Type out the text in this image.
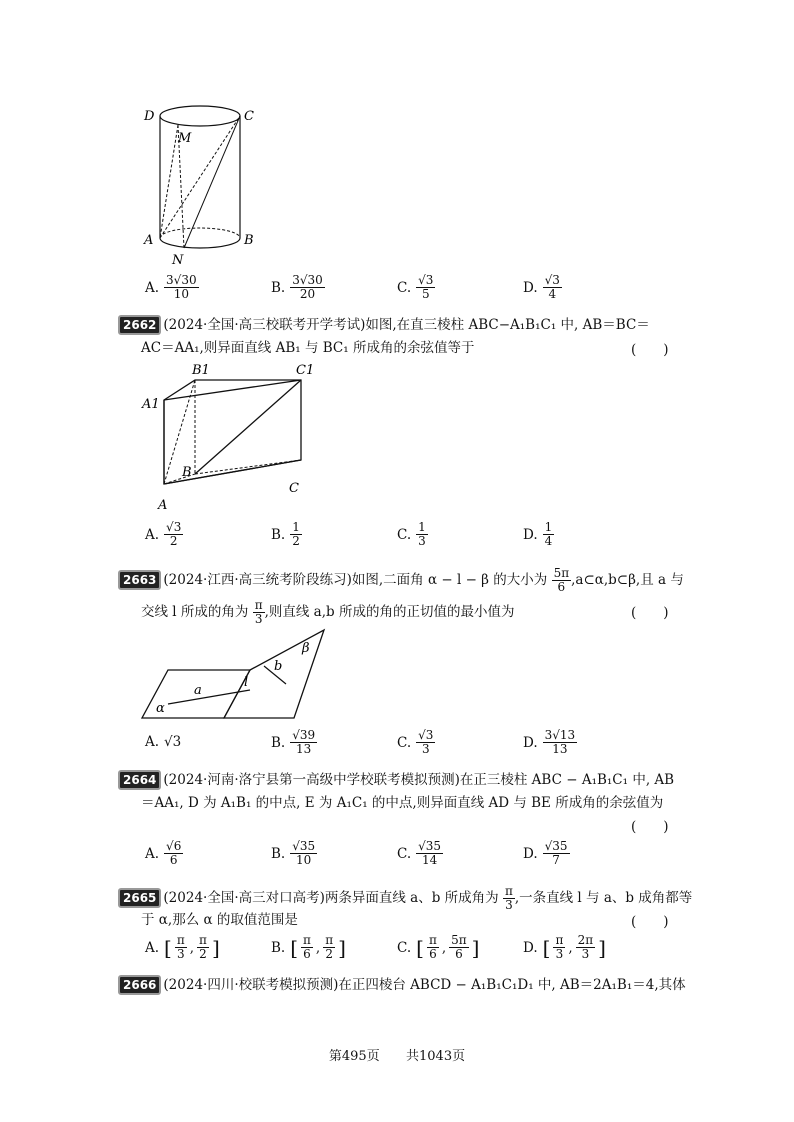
D	C
M
A	B
N
A. $\frac{3√30}{10}$	B. $\frac{3√30}{20}$	C. $\frac{√3}{5}$	D. $\frac{√3}{4}$
2662 (2024·全国·高三校联考开学考试)如图,在直三棱柱 ABC−A₁B₁C₁ 中, AB＝BC＝
AC＝AA₁,则异面直线 AB₁ 与 BC₁ 所成角的余弦值等于	(　　)
B1	C1
A1
B
C
A
A. $\frac{√3}{2}$	B. $\frac{1}{2}$	C. $\frac{1}{3}$	D. $\frac{1}{4}$
2663 (2024·江西·高三统考阶段练习)如图,二面角 α − l − β 的大小为 $\frac{5\pi}{6}$ ,a⊂α,b⊂β,且 a 与
交线 l 所成的角为 $\frac{\pi}{3}$ ,则直线 a,b 所成的角的正切值的最小值为	(　　)
β
b
l
a
α
A. √3	B. $\frac{√39}{13}$	C. $\frac{√3}{3}$	D. $\frac{3√13}{13}$
2664 (2024·河南·洛宁县第一高级中学校联考模拟预测)在正三棱柱 ABC − A₁B₁C₁ 中, AB
＝AA₁, D 为 A₁B₁ 的中点, E 为 A₁C₁ 的中点,则异面直线 AD 与 BE 所成角的余弦值为
(　　)
A. $\frac{√6}{6}$	B. $\frac{√35}{10}$	C. $\frac{√35}{14}$	D. $\frac{√35}{7}$
2665 (2024·全国·高三对口高考)两条异面直线 a、b 所成角为 $\frac{\pi}{3}$ ,一条直线 l 与 a、b 成角都等
于 α,那么 α 的取值范围是	(　　)
A. [ $\frac{\pi}{3}$ , $\frac{\pi}{2}$ ]	B. [ $\frac{\pi}{6}$ , $\frac{\pi}{2}$ ]	C. [ $\frac{\pi}{6}$ , $\frac{5\pi}{6}$ ]	D. [ $\frac{\pi}{3}$ , $\frac{2\pi}{3}$ ]
2666 (2024·四川·校联考模拟预测)在正四棱台 ABCD − A₁B₁C₁D₁ 中, AB＝2A₁B₁＝4,其体
第495页 共1043页
